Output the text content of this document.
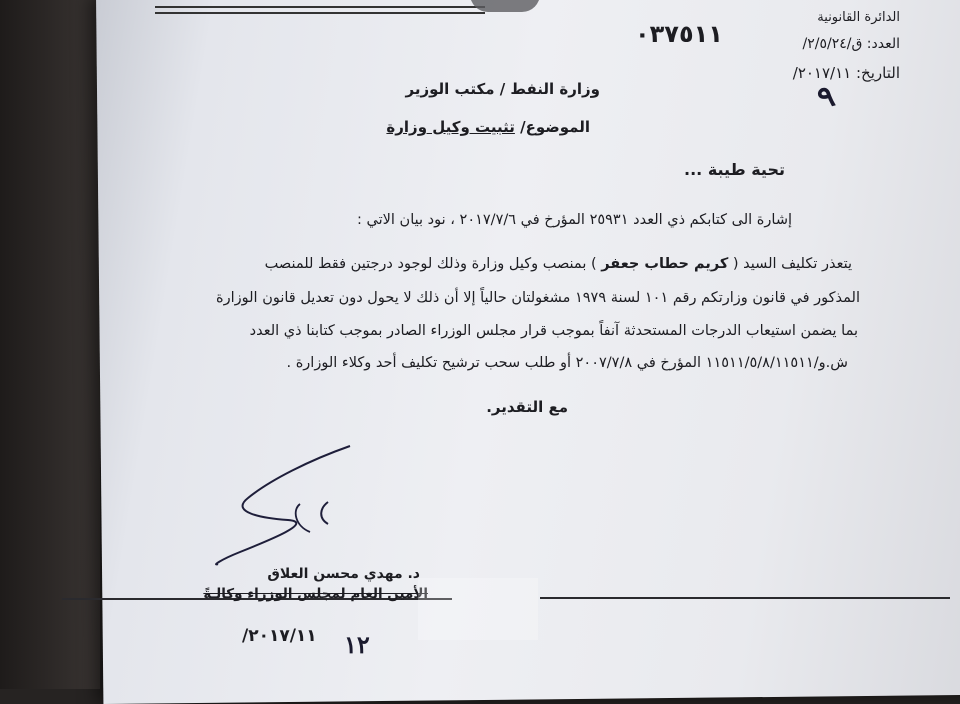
الدائرة القانونية
العدد: ق/٢/٥/٢٤/
٠٣٧٥١١
التاريخ: ٢٠١٧/١١/
٩
وزارة النفط / مكتب الوزير
الموضوع/ تثبيت وكيل وزارة
تحية طيبة ...
إشارة الى كتابكم ذي العدد ٢٥٩٣١ المؤرخ في ٢٠١٧/٧/٦ ، نود بيان الاتي :
يتعذر تكليف السيد ( كريم حطاب جعفر ) بمنصب وكيل وزارة وذلك لوجود درجتين فقط للمنصب
المذكور في قانون وزارتكم رقم ١٠١ لسنة ١٩٧٩ مشغولتان حالياً إلا أن ذلك لا يحول دون تعديل قانون الوزارة
بما يضمن استيعاب الدرجات المستحدثة آنفاً بموجب قرار مجلس الوزراء الصادر بموجب كتابنا ذي العدد
ش.و/١١٥١١/٥/٨/١١٥١١ المؤرخ في ٢٠٠٧/٧/٨ أو طلب سحب ترشيح تكليف أحد وكلاء الوزارة .
مع التقدير.
د. مهدي محسن العلاق
الأمين العام لمجلس الوزراء وكالـةً
٢٠١٧/١١/ ١٢
